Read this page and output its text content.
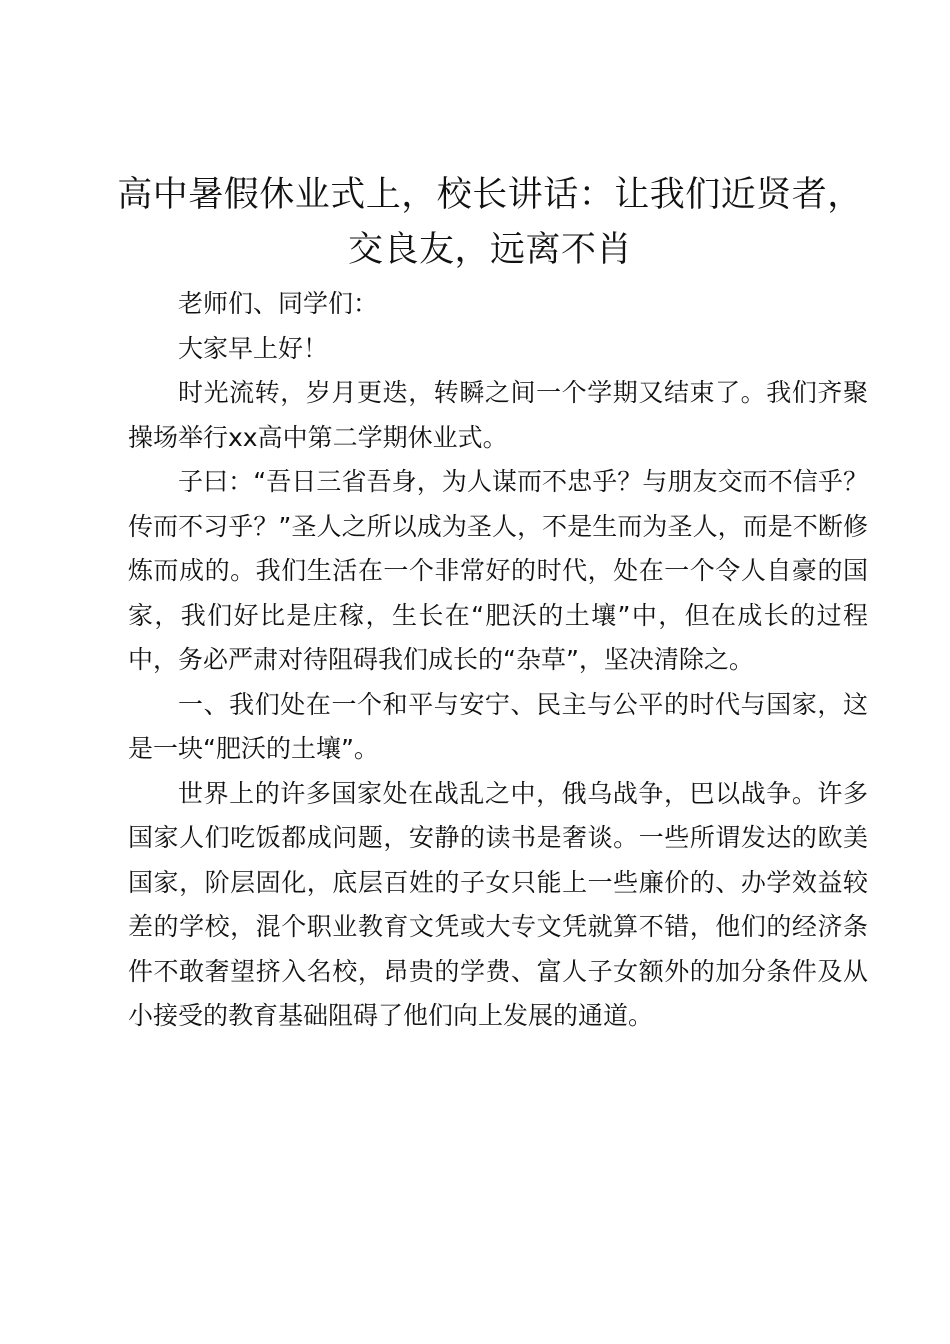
高中暑假休业式上，校长讲话：让我们近贤者，交良友，远离不肖

老师们、同学们：

大家早上好！

时光流转，岁月更迭，转瞬之间一个学期又结束了。我们齐聚操场举行xx高中第二学期休业式。

子曰：“吾日三省吾身，为人谋而不忠乎？与朋友交而不信乎？传而不习乎？”圣人之所以成为圣人，不是生而为圣人，而是不断修炼而成的。我们生活在一个非常好的时代，处在一个令人自豪的国家，我们好比是庄稼，生长在“肥沃的土壤”中，但在成长的过程中，务必严肃对待阻碍我们成长的“杂草”，坚决清除之。

一、我们处在一个和平与安宁、民主与公平的时代与国家，这是一块“肥沃的土壤”。

世界上的许多国家处在战乱之中，俄乌战争，巴以战争。许多国家人们吃饭都成问题，安静的读书是奢谈。一些所谓发达的欧美国家，阶层固化，底层百姓的子女只能上一些廉价的、办学效益较差的学校，混个职业教育文凭或大专文凭就算不错，他们的经济条件不敢奢望挤入名校，昂贵的学费、富人子女额外的加分条件及从小接受的教育基础阻碍了他们向上发展的通道。
